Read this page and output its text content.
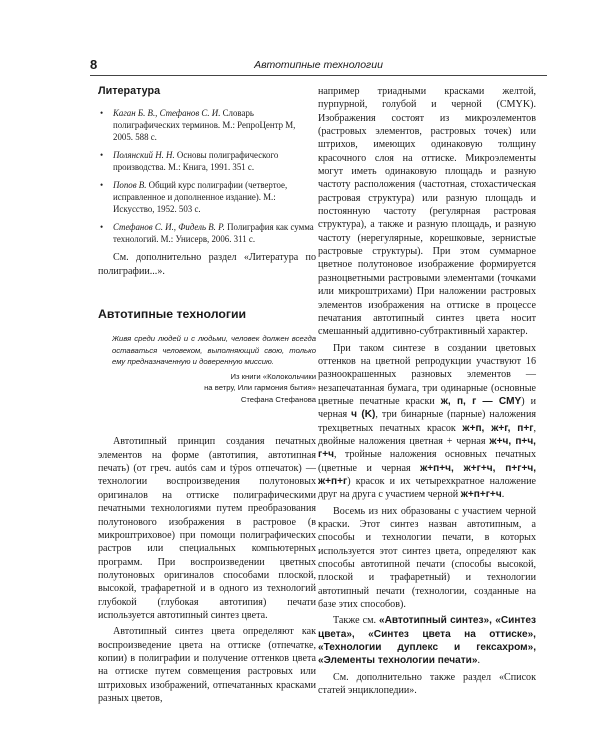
8	Автотипные технологии
Литература
• Каган Б. В., Стефанов С. И. Словарь полиграфических терминов. М.: РепроЦентр М, 2005. 588 с.
• Полянский Н. Н. Основы полиграфического производства. М.: Книга, 1991. 351 с.
• Попов В. Общий курс полиграфии (четвертое, исправленное и дополненное издание). М.: Искусство, 1952. 503 с.
• Стефанов С. И., Фидель В. Р. Полиграфия как сумма технологий. М.: Унисерв, 2006. 311 с.

См. дополнительно раздел «Литература по полиграфии...».

Автотипные технологии
Живя среди людей и с людьми, человек должен всегда оставаться человеком, выполняющий свою, только ему предназначенную и доверенную миссию.
Из книги «Колокольчики
на ветру, Или гармония бытия»
Стефана Стефанова

Автотипный принцип создания печатных элементов на форме (автотипия, автотипная печать) (от греч. autós сам и týpos отпечаток) — технологии воспроизведения полутоновых оригиналов на оттиске полиграфическими печатными технологиями путем преобразования полутонового изображения в растровое (в микроштриховое) при помощи полиграфических растров или специальных компьютерных программ. При воспроизведении цветных полутоновых оригиналов способами плоской, высокой, трафаретной и в одного из технологий глубокой (глубокая автотипия) печати используется автотипный синтез цвета.

Автотипный синтез цвета определяют как воспроизведение цвета на оттиске (отпечатке, копии) в полиграфии и получение оттенков цвета на оттиске путем совмещения растровых или штриховых изображений, отпечатанных красками разных цветов,

например триадными красками желтой, пурпурной, голубой и черной (CMYK). Изображения состоят из микроэлементов (растровых элементов, растровых точек) или штрихов, имеющих одинаковую толщину красочного слоя на оттиске. Микроэлементы могут иметь одинаковую площадь и разную частоту расположения (частотная, стохастическая растровая структура) или разную площадь и постоянную частоту (регулярная растровая структура), а также и разную площадь, и разную частоту (нерегулярные, корешковые, зернистые растровые структуры). При этом суммарное цветное полутоновое изображение формируется разноцветными растровыми элементами (точками или микроштрихами) При наложении растровых элементов изображения на оттиске в процессе печатания автотипный синтез цвета носит смешанный аддитивно-субтрактивный характер.

При таком синтезе в создании цветовых оттенков на цветной репродукции участвуют 16 разноокрашенных разновых элементов — незапечатанная бумага, три одинарные (основные цветные печатные краски ж, п, г — CMY) и черная ч (K), три бинарные (парные) наложения трехцветных печатных красок ж+п, ж+г, п+г, двойные наложения цветная + черная ж+ч, п+ч, г+ч, тройные наложения основных печатных (цветные и черная ж+п+ч, ж+г+ч, п+г+ч, ж+п+г) красок и их четырехкратное наложение друг на друга с участием черной ж+п+г+ч.

Восемь из них образованы с участием черной краски. Этот синтез назван автотипным, а способы и технологии печати, в которых используется этот синтез цвета, определяют как способы автотипной печати (способы высокой, плоской и трафаретный) и технологии автотипный печати (технологии, созданные на базе этих способов).

Также см. «Автотипный синтез», «Синтез цвета», «Синтез цвета на оттиске», «Технологии дуплекс и гексахром», «Элементы технологии печати».

См. дополнительно также раздел «Список статей энциклопедии».
